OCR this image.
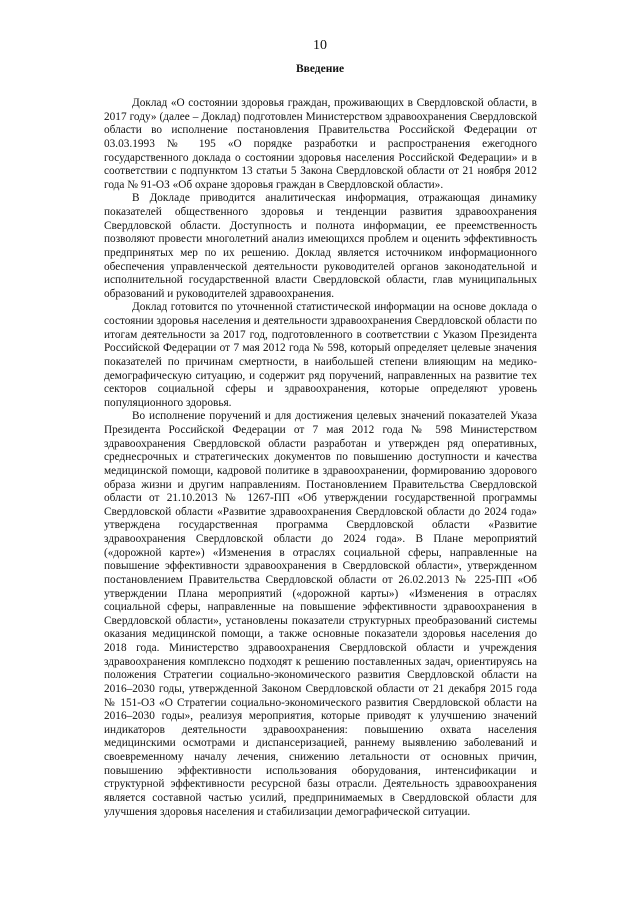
10
Введение

Доклад «О состоянии здоровья граждан, проживающих в Свердловской области, в 2017 году» (далее – Доклад) подготовлен Министерством здравоохранения Свердловской области во исполнение постановления Правительства Российской Федерации от 03.03.1993 № 195 «О порядке разработки и распространения ежегодного государственного доклада о состоянии здоровья населения Российской Федерации» и в соответствии с подпунктом 13 статьи 5 Закона Свердловской области от 21 ноября 2012 года № 91-ОЗ «Об охране здоровья граждан в Свердловской области».

В Докладе приводится аналитическая информация, отражающая динамику показателей общественного здоровья и тенденции развития здравоохранения Свердловской области. Доступность и полнота информации, ее преемственность позволяют провести многолетний анализ имеющихся проблем и оценить эффективность предпринятых мер по их решению. Доклад является источником информационного обеспечения управленческой деятельности руководителей органов законодательной и исполнительной государственной власти Свердловской области, глав муниципальных образований и руководителей здравоохранения.

Доклад готовится по уточненной статистической информации на основе доклада о состоянии здоровья населения и деятельности здравоохранения Свердловской области по итогам деятельности за 2017 год, подготовленного в соответствии с Указом Президента Российской Федерации от 7 мая 2012 года № 598, который определяет целевые значения показателей по причинам смертности, в наибольшей степени влияющим на медико-демографическую ситуацию, и содержит ряд поручений, направленных на развитие тех секторов социальной сферы и здравоохранения, которые определяют уровень популяционного здоровья.

Во исполнение поручений и для достижения целевых значений показателей Указа Президента Российской Федерации от 7 мая 2012 года № 598 Министерством здравоохранения Свердловской области разработан и утвержден ряд оперативных, среднесрочных и стратегических документов по повышению доступности и качества медицинской помощи, кадровой политике в здравоохранении, формированию здорового образа жизни и другим направлениям. Постановлением Правительства Свердловской области от 21.10.2013 № 1267-ПП «Об утверждении государственной программы Свердловской области «Развитие здравоохранения Свердловской области до 2024 года» утверждена государственная программа Свердловской области «Развитие здравоохранения Свердловской области до 2024 года». В Плане мероприятий («дорожной карте») «Изменения в отраслях социальной сферы, направленные на повышение эффективности здравоохранения в Свердловской области», утвержденном постановлением Правительства Свердловской области от 26.02.2013 № 225-ПП «Об утверждении Плана мероприятий («дорожной карты») «Изменения в отраслях социальной сферы, направленные на повышение эффективности здравоохранения в Свердловской области», установлены показатели структурных преобразований системы оказания медицинской помощи, а также основные показатели здоровья населения до 2018 года. Министерство здравоохранения Свердловской области и учреждения здравоохранения комплексно подходят к решению поставленных задач, ориентируясь на положения Стратегии социально-экономического развития Свердловской области на 2016–2030 годы, утвержденной Законом Свердловской области от 21 декабря 2015 года № 151-ОЗ «О Стратегии социально-экономического развития Свердловской области на 2016–2030 годы», реализуя мероприятия, которые приводят к улучшению значений индикаторов деятельности здравоохранения: повышению охвата населения медицинскими осмотрами и диспансеризацией, раннему выявлению заболеваний и своевременному началу лечения, снижению летальности от основных причин, повышению эффективности использования оборудования, интенсификации и структурной эффективности ресурсной базы отрасли. Деятельность здравоохранения является составной частью усилий, предпринимаемых в Свердловской области для улучшения здоровья населения и стабилизации демографической ситуации.
